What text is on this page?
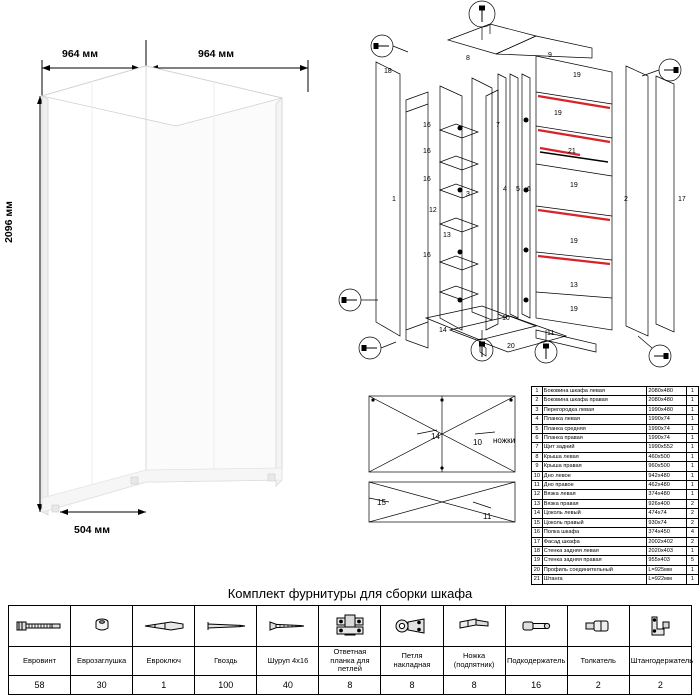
964 мм	964 мм
2096 мм
504 мм
18
8	9
19
19
16	7
21
16
1
3
4 5 6
2	17
19
16
12
13
19
16
13
19
14
10
11
20
14
10 ножки
15
11
1	Боковина шкафа левая	2080x480	1
2	Боковина шкафа правая	2080x480	1
3	Перегородка левая	1990x480	1
4	Планка левая	1990x74	1
5	Планка средняя	1990x74	1
6	Планка правая	1990x74	1
7	Щит задний	1990x552	1
8	Крыша левая	460x500	1
9	Крыша правая	960x500	1
10	Дно левое	942x480	1
11	Дно правое	462x480	1
12	Вязка левая	374x480	1
13	Вязка правая	926x400	2
14	Цоколь левый	474x74	2
15	Цоколь правый	930x74	2
16	Полка шкафа	374x450	4
17	Фасад шкафа	2002x402	2
18	Стенка задняя левая	2020x403	1
19	Стенка задняя правая	955x403	5
20	Профиль соединительный	L=925мм	1
21	Штанга	L=922мм	1
Комплект фурнитуры для сборки шкафа

Евровинт	Еврозаглушка	Евроключ	Гвоздь	Шуруп 4х16	Ответная планка для петлей	Петля накладная	Ножка (подпятник)	Подкодержатель	Толкатель	Штангодержатель
58	30	1	100	40	8	8	8	16	2	2
